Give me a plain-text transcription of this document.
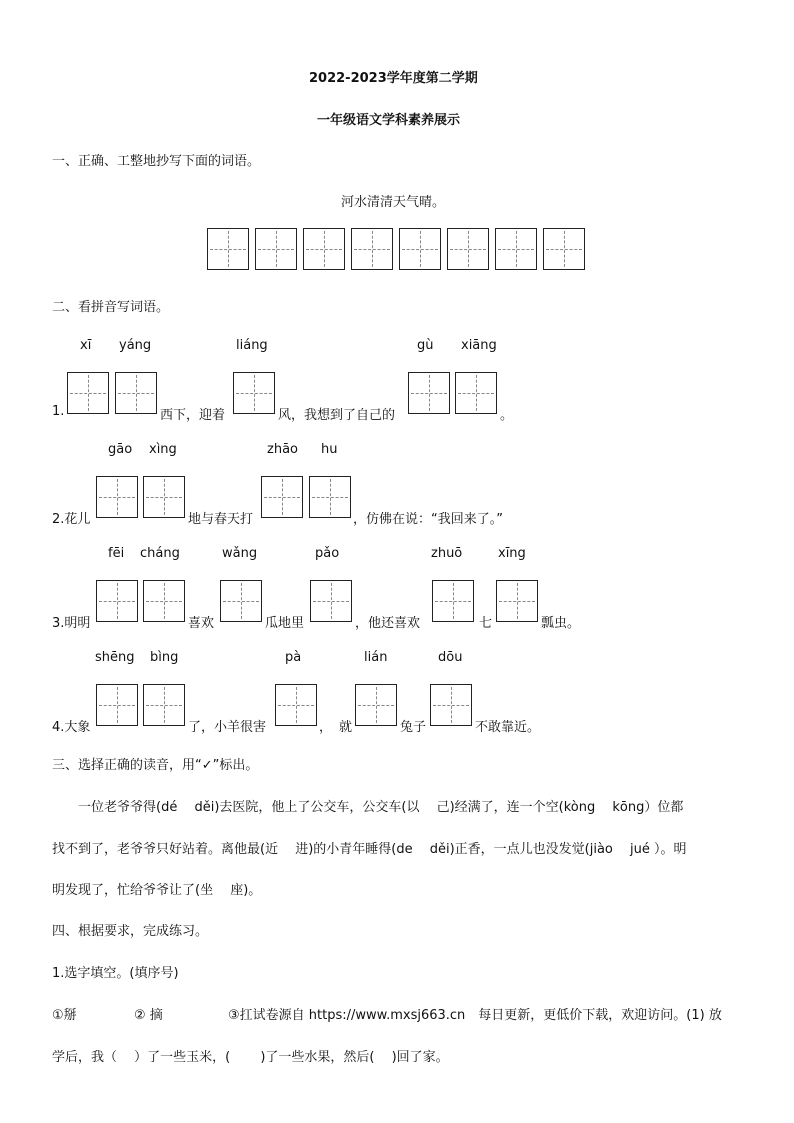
2022-2023学年度第二学期
一年级语文学科素养展示
一、正确、工整地抄写下面的词语。
河水清清天气晴。
二、看拼音写词语。
xī yáng	liáng	gù xiāng
1.	西下，迎着	风，我想到了自己的	。
gāo xìng	zhāo hu
2.花儿	地与春天打	，仿佛在说：“我回来了。”
fēi cháng	wǎng	pǎo	zhuō	xīng
3.明明	喜欢	瓜地里	，他还喜欢	七	瓢虫。
shēng bìng	pà	lián	dōu
4.大象	了，小羊很害	， 就	兔子	不敢靠近。
三、选择正确的读音，用“✓”标出。
一位老爷爷得(dé　 děi)去医院，他上了公交车，公交车(以　 己)经满了，连一个空(kòng　 kōng）位都
找不到了，老爷爷只好站着。离他最(近　 进)的小青年睡得(de　 děi)正香，一点儿也没发觉(jiào　 jué ）。明
明发现了，忙给爷爷让了(坐　 座)。
四、根据要求，完成练习。
1.选字填空。(填序号)
①掰	② 摘	③扛试卷源自 https://www.mxsj663.cn　每日更新，更低价下载，欢迎访问。(1) 放
学后，我（　 ）了一些玉米，(　　 )了一些水果，然后(　 )回了家。
